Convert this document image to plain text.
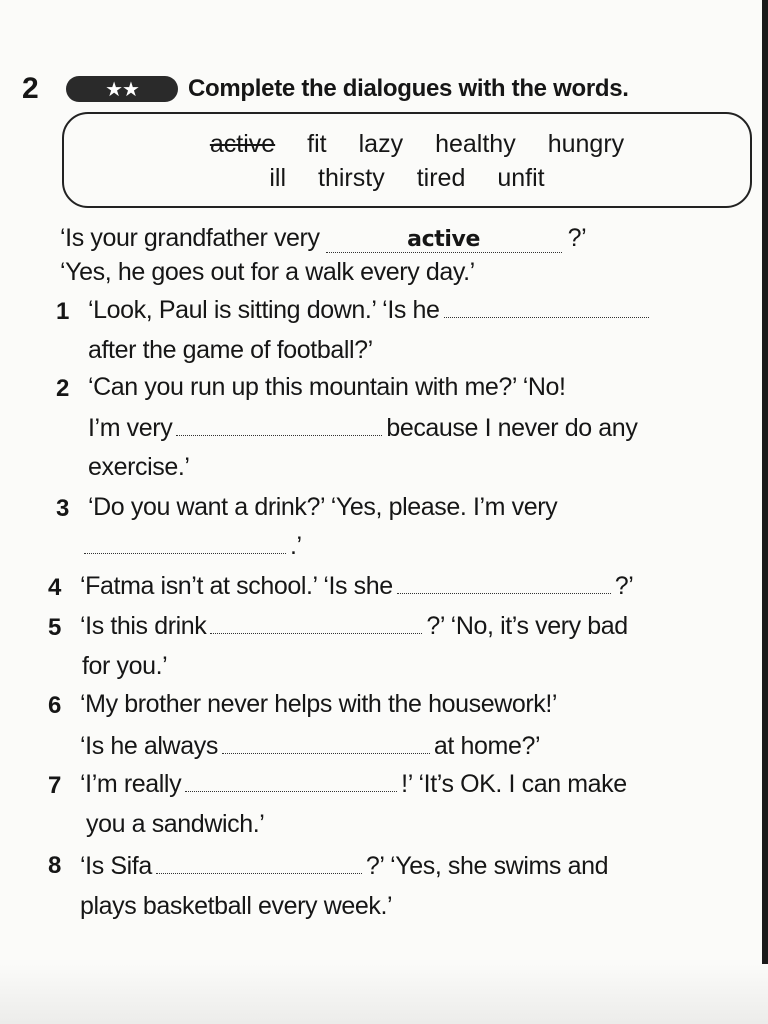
2	★★	Complete the dialogues with the words.
active fit lazy healthy hungry
ill thirsty tired unfit
‘Is your grandfather very	active	?’
‘Yes, he goes out for a walk every day.’
1 ‘Look, Paul is sitting down.’ ‘Is he
after the game of football?’
2 ‘Can you run up this mountain with me?’ ‘No!
I’m very	because I never do any
exercise.’
3 ‘Do you want a drink?’ ‘Yes, please. I’m very
.’
4 ‘Fatma isn’t at school.’ ‘Is she	?’
5 ‘Is this drink	?’ ‘No, it’s very bad
for you.’
6 ‘My brother never helps with the housework!’
‘Is he always	at home?’
7 ‘I’m really	!’ ‘It’s OK. I can make
you a sandwich.’
8 ‘Is Sifa	?’ ‘Yes, she swims and
plays basketball every week.’
